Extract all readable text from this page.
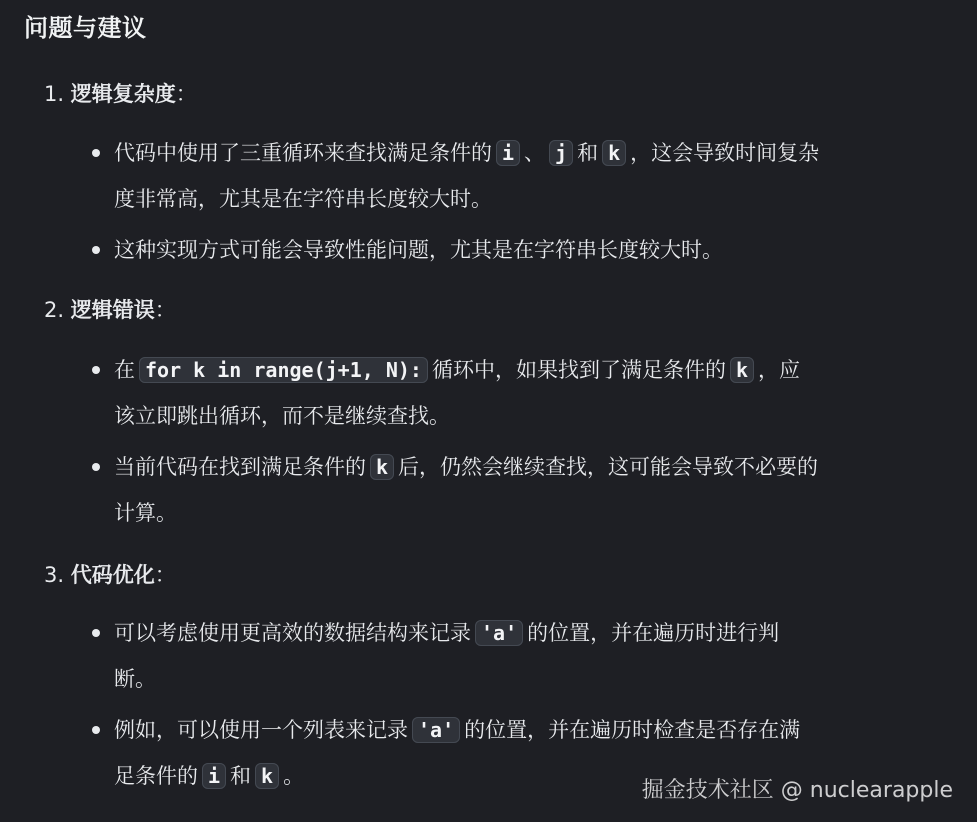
问题与建议
1. 逻辑复杂度：
代码中使用了三重循环来查找满足条件的 i 、 j 和 k ，这会导致时间复杂
度非常高，尤其是在字符串长度较大时。
这种实现方式可能会导致性能问题，尤其是在字符串长度较大时。
2. 逻辑错误：
在 for k in range(j+1, N): 循环中，如果找到了满足条件的 k ，应
该立即跳出循环，而不是继续查找。
当前代码在找到满足条件的 k 后，仍然会继续查找，这可能会导致不必要的
计算。
3. 代码优化：
可以考虑使用更高效的数据结构来记录 'a' 的位置，并在遍历时进行判
断。
例如，可以使用一个列表来记录 'a' 的位置，并在遍历时检查是否存在满
足条件的 i 和 k 。
掘金技术社区 @ nuclearapple
